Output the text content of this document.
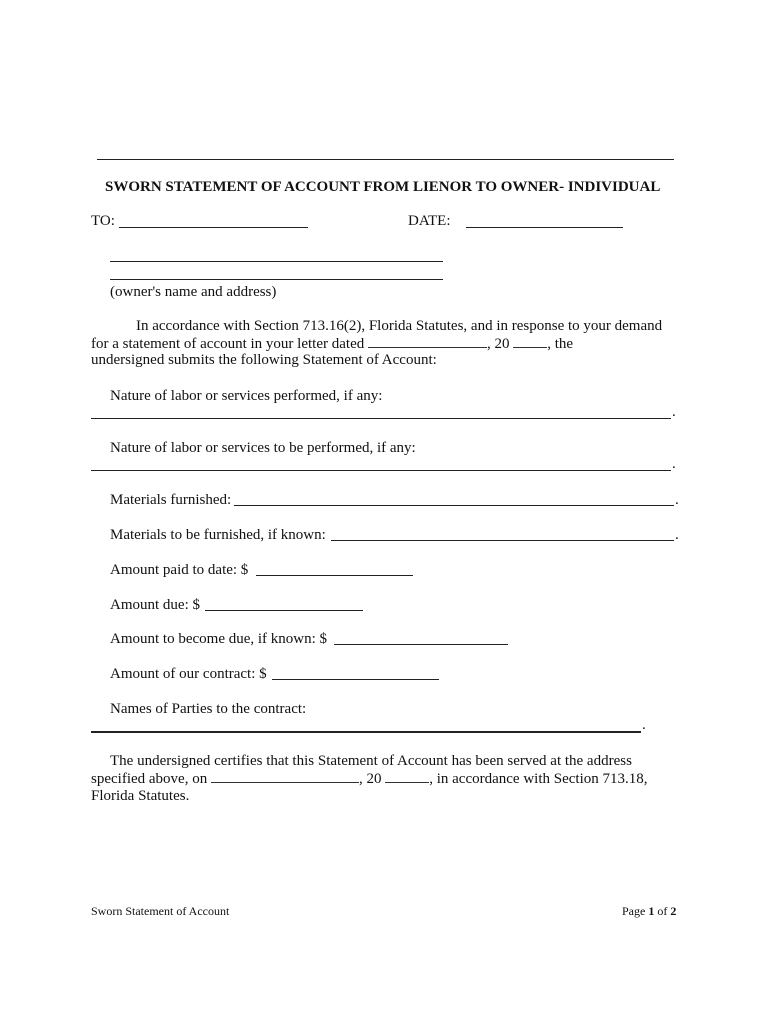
SWORN STATEMENT OF ACCOUNT FROM LIENOR TO OWNER- INDIVIDUAL
TO:	DATE:
(owner's name and address)
In accordance with Section 713.16(2), Florida Statutes, and in response to your demand
for a statement of account in your letter dated	, 20	, the
undersigned submits the following Statement of Account:
Nature of labor or services performed, if any:
.
Nature of labor or services to be performed, if any:
.
Materials furnished:	.
Materials to be furnished, if known:	.
Amount paid to date: $
Amount due: $
Amount to become due, if known: $
Amount of our contract: $
Names of Parties to the contract:
.
The undersigned certifies that this Statement of Account has been served at the address
specified above, on	, 20	, in accordance with Section 713.18,
Florida Statutes.
Sworn Statement of Account	Page 1 of 2
